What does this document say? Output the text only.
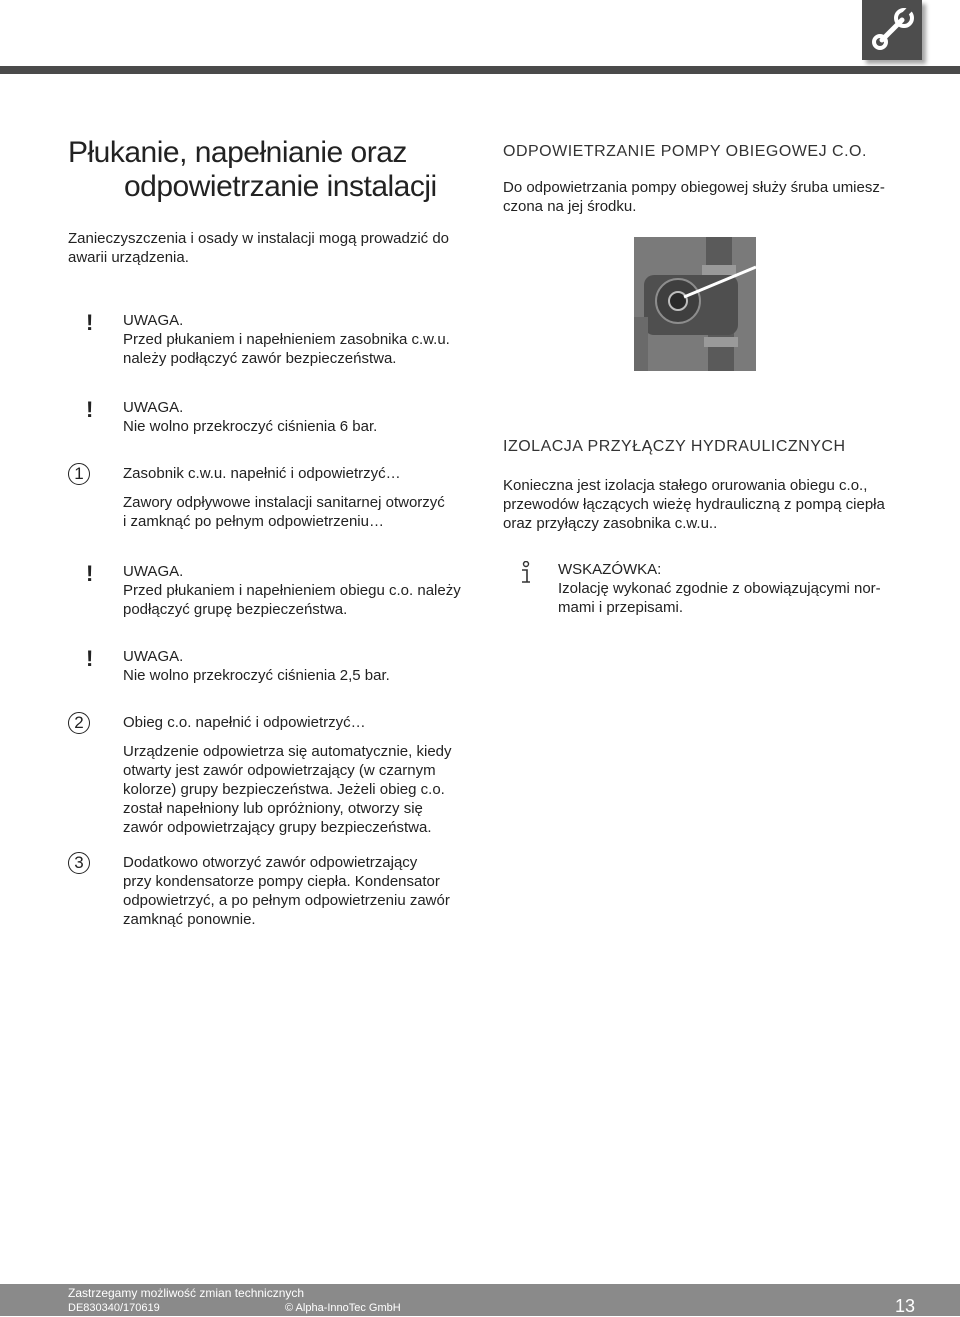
Płukanie, napełnianie oraz
odpowietrzanie instalacji
Zanieczyszczenia i osady w instalacji mogą prowadzić do
awarii urządzenia.
! UWAGA.
Przed płukaniem i napełnieniem zasobnika c.w.u.
należy podłączyć zawór bezpieczeństwa.
! UWAGA.
Nie wolno przekroczyć ciśnienia 6 bar.
1	Zasobnik c.w.u. napełnić i odpowietrzyć…
Zawory odpływowe instalacji sanitarnej otworzyć
i zamknąć po pełnym odpowietrzeniu…
! UWAGA.
Przed płukaniem i napełnieniem obiegu c.o. należy
podłączyć grupę bezpieczeństwa.
! UWAGA.
Nie wolno przekroczyć ciśnienia 2,5 bar.
2	Obieg c.o. napełnić i odpowietrzyć…
Urządzenie odpowietrza się automatycznie, kiedy
otwarty jest zawór odpowietrzający (w czarnym
kolorze) grupy bezpieczeństwa. Jeżeli obieg c.o.
został napełniony lub opróżniony, otworzy się
zawór odpowietrzający grupy bezpieczeństwa.
3	Dodatkowo otworzyć zawór odpowietrzający
przy kondensatorze pompy ciepła. Kondensator
odpowietrzyć, a po pełnym odpowietrzeniu zawór
zamknąć ponownie.
ODPOWIETRZANIE POMPY OBIEGOWEJ C.O.
Do odpowietrzania pompy obiegowej służy śruba umiesz-
czona na jej środku.
IZOLACJA PRZYŁĄCZY HYDRAULICZNYCH
Konieczna jest izolacja stałego orurowania obiegu c.o.,
przewodów łączących wieżę hydrauliczną z pompą ciepła
oraz przyłączy zasobnika c.w.u..
WSKAZÓWKA:
Izolację wykonać zgodnie z obowiązującymi nor-
mami i przepisami.
Zastrzegamy możliwość zmian technicznych
DE830340/170619	© Alpha-InnoTec GmbH	13
